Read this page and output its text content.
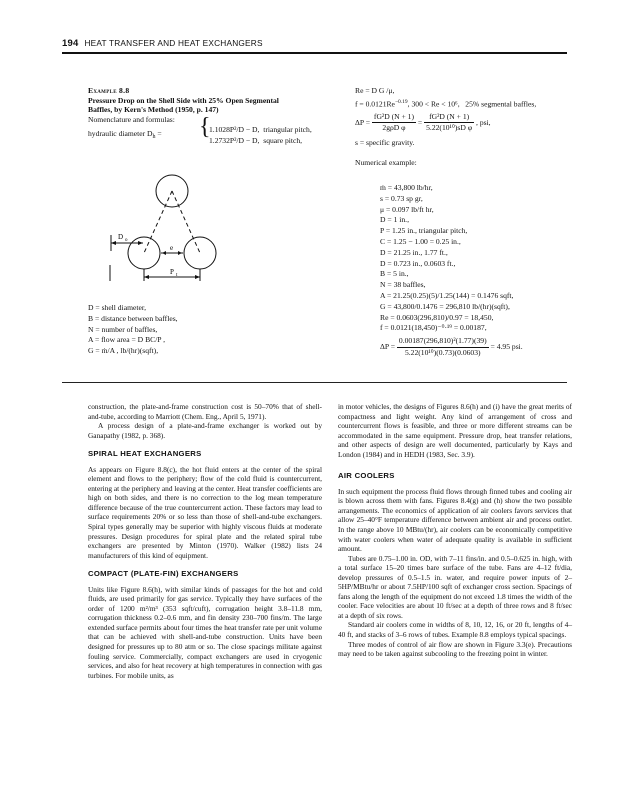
194 HEAT TRANSFER AND HEAT EXCHANGERS
Example 8.8
Pressure Drop on the Shell Side with 25% Open Segmental
Baffles, by Kern's Method (1950, p. 147)
Nomenclature and formulas:
hydraulic diameter $D_h$ = {
1.1028P²/D − D, triangular pitch,
1.2732P²/D − D, square pitch,
D o
e
P t
D = shell diameter,
B = distance between baffles,
N = number of baffles,
A = flow area = D BC/P ,
G = ṁ/A , lb/(hr)(sqft),
Re = D G /μ,
$f = 0.0121Re^{-0.19}$, 300 < Re < 10⁶, 25% segmental baffles,
$\Delta P = \frac{\text{fG²D (N + 1)}}{\text{2gρD φ}} = \frac{\text{fG²D (N + 1)}}{\text{5.22(10¹⁰)sD φ}}$ , psi,
s = specific gravity.
Numerical example:
ṁ = 43,800 lb/hr,
s = 0.73 sp gr,
μ = 0.097 lb/ft hr,
D = 1 in.,
P = 1.25 in., triangular pitch,
C = 1.25 − 1.00 = 0.25 in.,
D = 21.25 in., 1.77 ft.,
D = 0.723 in., 0.0603 ft.,
B = 5 in.,
N = 38 baffles,
A = 21.25(0.25)(5)/1.25(144) = 0.1476 sqft,
G = 43,800/0.1476 = 296,810 lb/(hr)(sqft),
Re = 0.0603(296,810)/0.97 = 18,450,
f = 0.0121(18,450)⁻⁰·¹⁹ = 0.00187,
$\Delta P = \frac{\text{0.00187(296,810)²(1.77)(39)}}{\text{5.22(10¹⁰)(0.73)(0.0603)}} = 4.95$ psi.

construction, the plate-and-frame construction cost is 50–70% that of shell-and-tube, according to Marriott (Chem. Eng., April 5, 1971).

A process design of a plate-and-frame exchanger is worked out by Ganapathy (1982, p. 368).

SPIRAL HEAT EXCHANGERS

As appears on Figure 8.8(c), the hot fluid enters at the center of the spiral element and flows to the periphery; flow of the cold fluid is countercurrent, entering at the periphery and leaving at the center. Heat transfer coefficients are high on both sides, and there is no correction to the log mean temperature difference because of the true countercurrent action. These factors may lead to surface requirements 20% or so less than those of shell-and-tube exchangers. Spiral types generally may be superior with highly viscous fluids at moderate pressures. Design procedures for spiral plate and the related spiral tube exchangers are presented by Minton (1970). Walker (1982) lists 24 manufacturers of this kind of equipment.

COMPACT (PLATE-FIN) EXCHANGERS

Units like Figure 8.6(h), with similar kinds of passages for the hot and cold fluids, are used primarily for gas service. Typically they have surfaces of the order of 1200 m²/m³ (353 sqft/cuft), corrugation height 3.8–11.8 mm, corrugation thickness 0.2–0.6 mm, and fin density 230–700 fins/m. The large extended surface permits about four times the heat transfer rate per unit volume that can be achieved with shell-and-tube construction. Units have been designed for pressures up to 80 atm or so. The close spacings militate against fouling service. Commercially, compact exchangers are used in cryogenic services, and also for heat recovery at high temperatures in connection with gas turbines. For mobile units, as

in motor vehicles, the designs of Figures 8.6(h) and (i) have the great merits of compactness and light weight. Any kind of arrangement of cross and countercurrent flows is feasible, and three or more different streams can be accommodated in the same equipment. Pressure drop, heat transfer relations, and other aspects of design are well documented, particularly by Kays and London (1984) and in HEDH (1983, Sec. 3.9).

AIR COOLERS

In such equipment the process fluid flows through finned tubes and cooling air is blown across them with fans. Figures 8.4(g) and (h) show the two possible arrangements. The economics of application of air coolers favors services that allow 25–40°F temperature difference between ambient air and process outlet. In the range above 10 MBtu/(hr), air coolers can be economically competitive with water coolers when water of adequate quality is available in sufficient amount.

Tubes are 0.75–1.00 in. OD, with 7–11 fins/in. and 0.5–0.625 in. high, with a total surface 15–20 times bare surface of the tube. Fans are 4–12 ft/dia, develop pressures of 0.5–1.5 in. water, and require power inputs of 2–5HP/MBtu/hr or about 7.5HP/100 sqft of exchanger cross section. Spacings of fans along the length of the equipment do not exceed 1.8 times the width of the cooler. Face velocities are about 10 ft/sec at a depth of three rows and 8 ft/sec at a depth of six rows.

Standard air coolers come in widths of 8, 10, 12, 16, or 20 ft, lengths of 4–40 ft, and stacks of 3–6 rows of tubes. Example 8.8 employs typical spacings.

Three modes of control of air flow are shown in Figure 3.3(e). Precautions may need to be taken against subcooling to the freezing point in winter.
